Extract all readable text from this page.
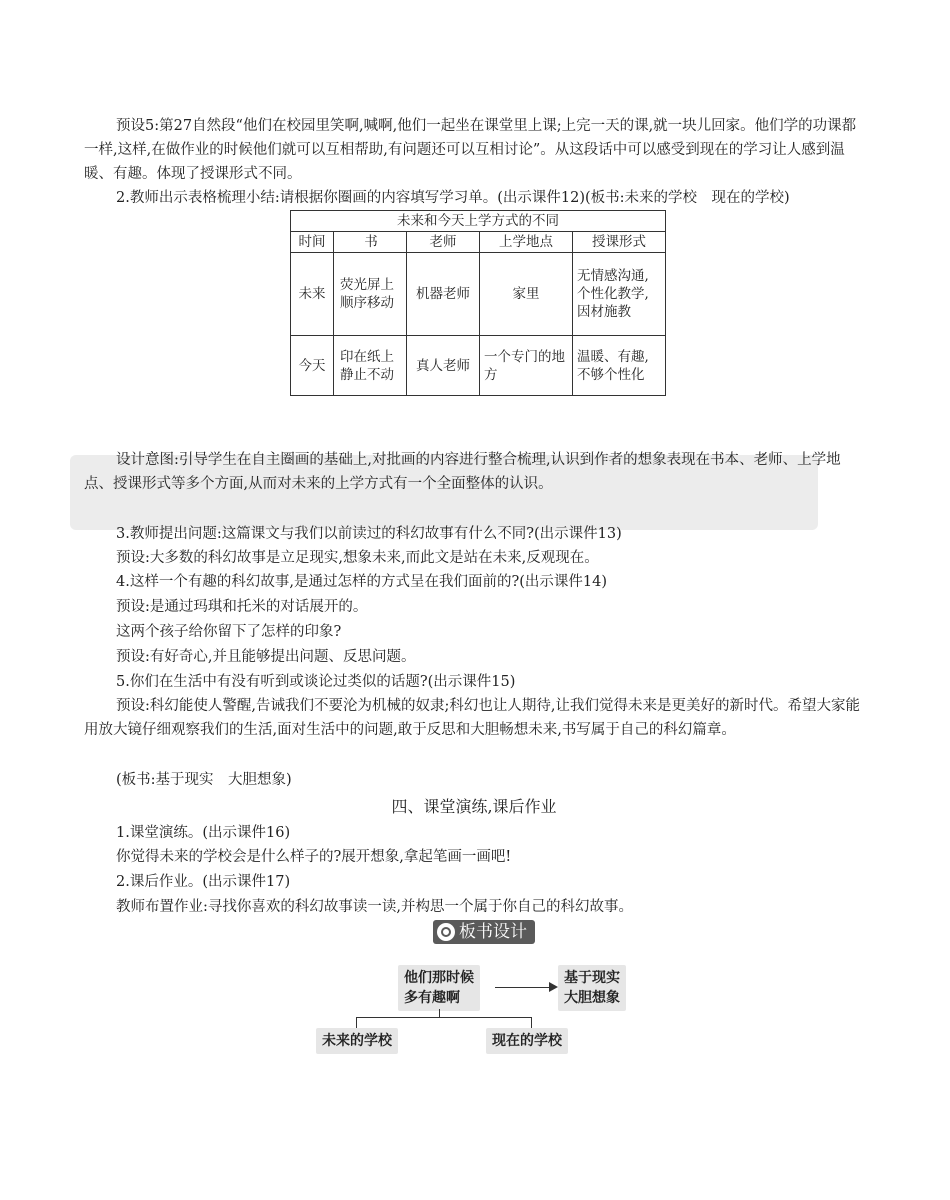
预设5:第27自然段“他们在校园里笑啊,喊啊,他们一起坐在课堂里上课;上完一天的课,就一块儿回家。他们学的功课都一样,这样,在做作业的时候他们就可以互相帮助,有问题还可以互相讨论”。从这段话中可以感受到现在的学习让人感到温暖、有趣。体现了授课形式不同。

2.教师出示表格梳理小结:请根据你圈画的内容填写学习单。(出示课件12)(板书:未来的学校　现在的学校)

未来和今天上学方式的不同				
时间	书	老师	上学地点	授课形式
未来	荧光屏上顺序移动	机器老师	家里	无情感沟通,个性化教学,因材施教
今天	印在纸上静止不动	真人老师	一个专门的地方	温暖、有趣,不够个性化

设计意图:引导学生在自主圈画的基础上,对批画的内容进行整合梳理,认识到作者的想象表现在书本、老师、上学地点、授课形式等多个方面,从而对未来的上学方式有一个全面整体的认识。

3.教师提出问题:这篇课文与我们以前读过的科幻故事有什么不同?(出示课件13)

预设:大多数的科幻故事是立足现实,想象未来,而此文是站在未来,反观现在。

4.这样一个有趣的科幻故事,是通过怎样的方式呈在我们面前的?(出示课件14)

预设:是通过玛琪和托米的对话展开的。

这两个孩子给你留下了怎样的印象?

预设:有好奇心,并且能够提出问题、反思问题。

5.你们在生活中有没有听到或谈论过类似的话题?(出示课件15)

预设:科幻能使人警醒,告诫我们不要沦为机械的奴隶;科幻也让人期待,让我们觉得未来是更美好的新时代。希望大家能用放大镜仔细观察我们的生活,面对生活中的问题,敢于反思和大胆畅想未来,书写属于自己的科幻篇章。

(板书:基于现实　大胆想象)

四、课堂演练,课后作业

1.课堂演练。(出示课件16)

你觉得未来的学校会是什么样子的?展开想象,拿起笔画一画吧!

2.课后作业。(出示课件17)

教师布置作业:寻找你喜欢的科幻故事读一读,并构思一个属于你自己的科幻故事。

板书设计
他们那时候
多有趣啊
基于现实
大胆想象
未来的学校	现在的学校
